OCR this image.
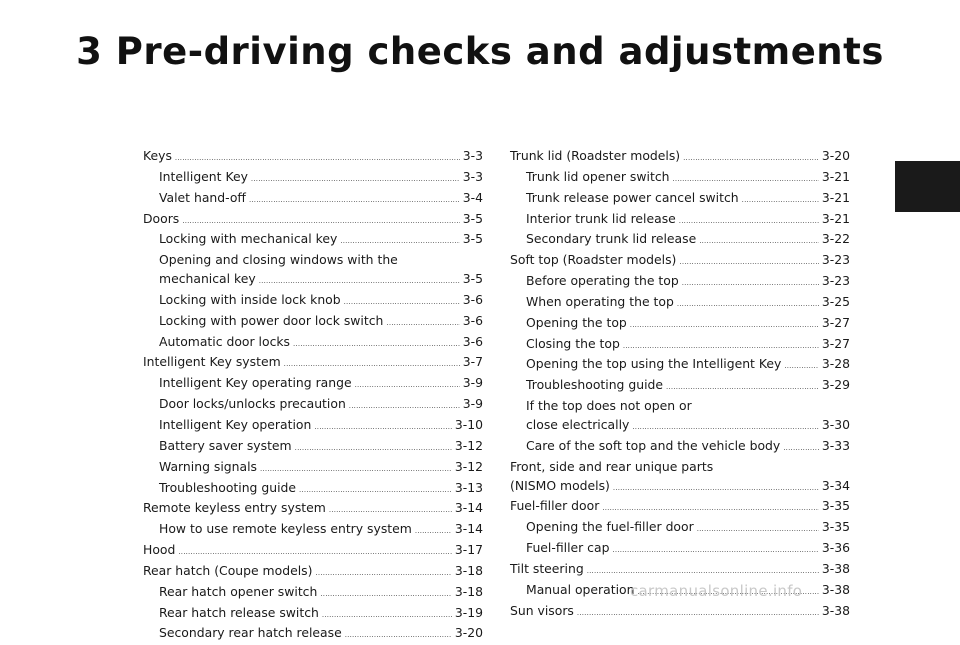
3 Pre-driving checks and adjustments
Keys .....	3-3
Intelligent Key .....	3-3
Valet hand-off .....	3-4
Doors .....	3-5
Locking with mechanical key .....	3-5
Opening and closing windows with the
mechanical key .....	3-5
Locking with inside lock knob .....	3-6
Locking with power door lock switch .....	3-6
Automatic door locks .....	3-6
Intelligent Key system .....	3-7
Intelligent Key operating range .....	3-9
Door locks/unlocks precaution .....	3-9
Intelligent Key operation .....	3-10
Battery saver system .....	3-12
Warning signals .....	3-12
Troubleshooting guide .....	3-13
Remote keyless entry system .....	3-14
How to use remote keyless entry system .....	3-14
Hood .....	3-17
Rear hatch (Coupe models) .....	3-18
Rear hatch opener switch .....	3-18
Rear hatch release switch .....	3-19
Secondary rear hatch release .....	3-20
Trunk lid (Roadster models) .....	3-20
Trunk lid opener switch .....	3-21
Trunk release power cancel switch .....	3-21
Interior trunk lid release .....	3-21
Secondary trunk lid release .....	3-22
Soft top (Roadster models) .....	3-23
Before operating the top .....	3-23
When operating the top .....	3-25
Opening the top .....	3-27
Closing the top .....	3-27
Opening the top using the Intelligent Key .....	3-28
Troubleshooting guide .....	3-29
If the top does not open or
close electrically .....	3-30
Care of the soft top and the vehicle body .....	3-33
Front, side and rear unique parts
(NISMO models) .....	3-34
Fuel-filler door .....	3-35
Opening the fuel-filler door .....	3-35
Fuel-filler cap .....	3-36
Tilt steering .....	3-38
Manual operation .....	3-38
Sun visors .....	3-38
carmanualsonline.info
